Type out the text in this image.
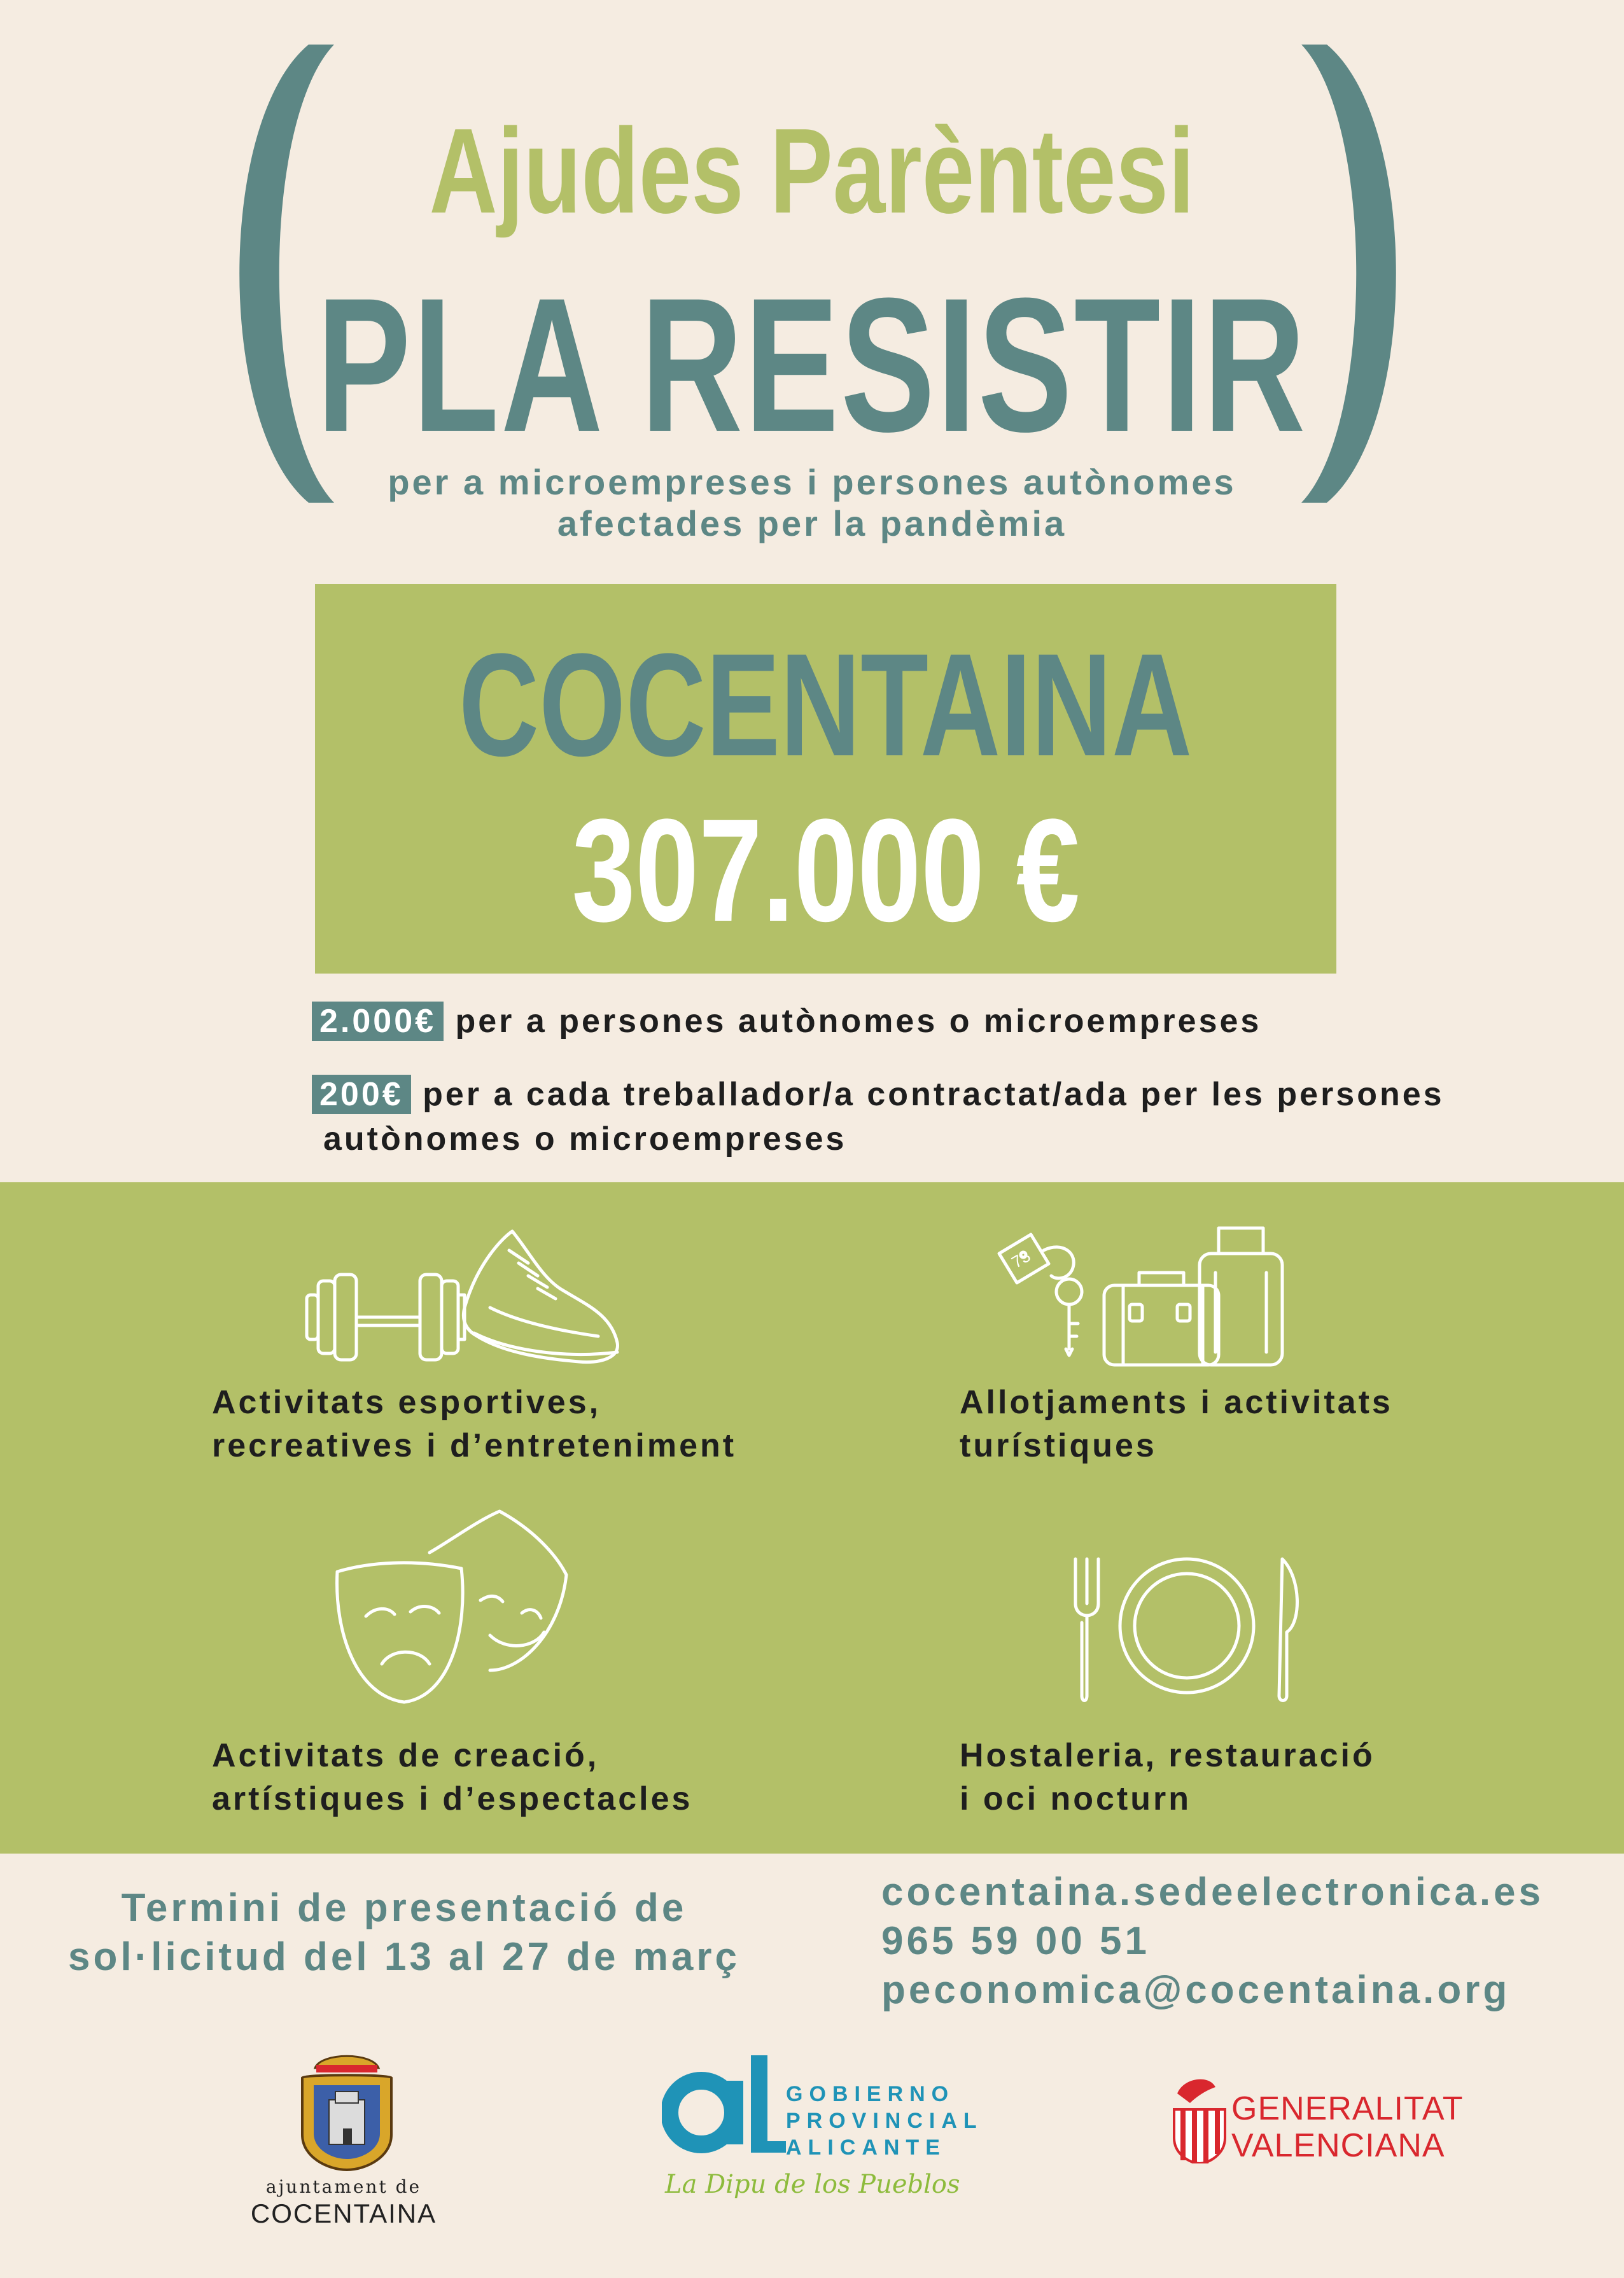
Ajudes Parèntesi
PLA RESISTIR
per a microempreses i persones autònomes
afectades per la pandèmia
COCENTAINA
307.000 €
2.000€ per a persones autònomes o microempreses
200€ per a cada treballador/a contractat/ada per les persones
autònomes o microempreses
73
Activitats esportives,
recreatives i d’entreteniment
Allotjaments i activitats
turístiques
Activitats de creació,
artístiques i d’espectacles
Hostaleria, restauració
i oci nocturn
Termini de presentació de
sol·licitud del 13 al 27 de març
cocentaina.sedeelectronica.es
965 59 00 51
peconomica@cocentaina.org
ajuntament de
COCENTAINA
GOBIERNO
PROVINCIAL
ALICANTE
La Dipu de los Pueblos
GENERALITAT
VALENCIANA
